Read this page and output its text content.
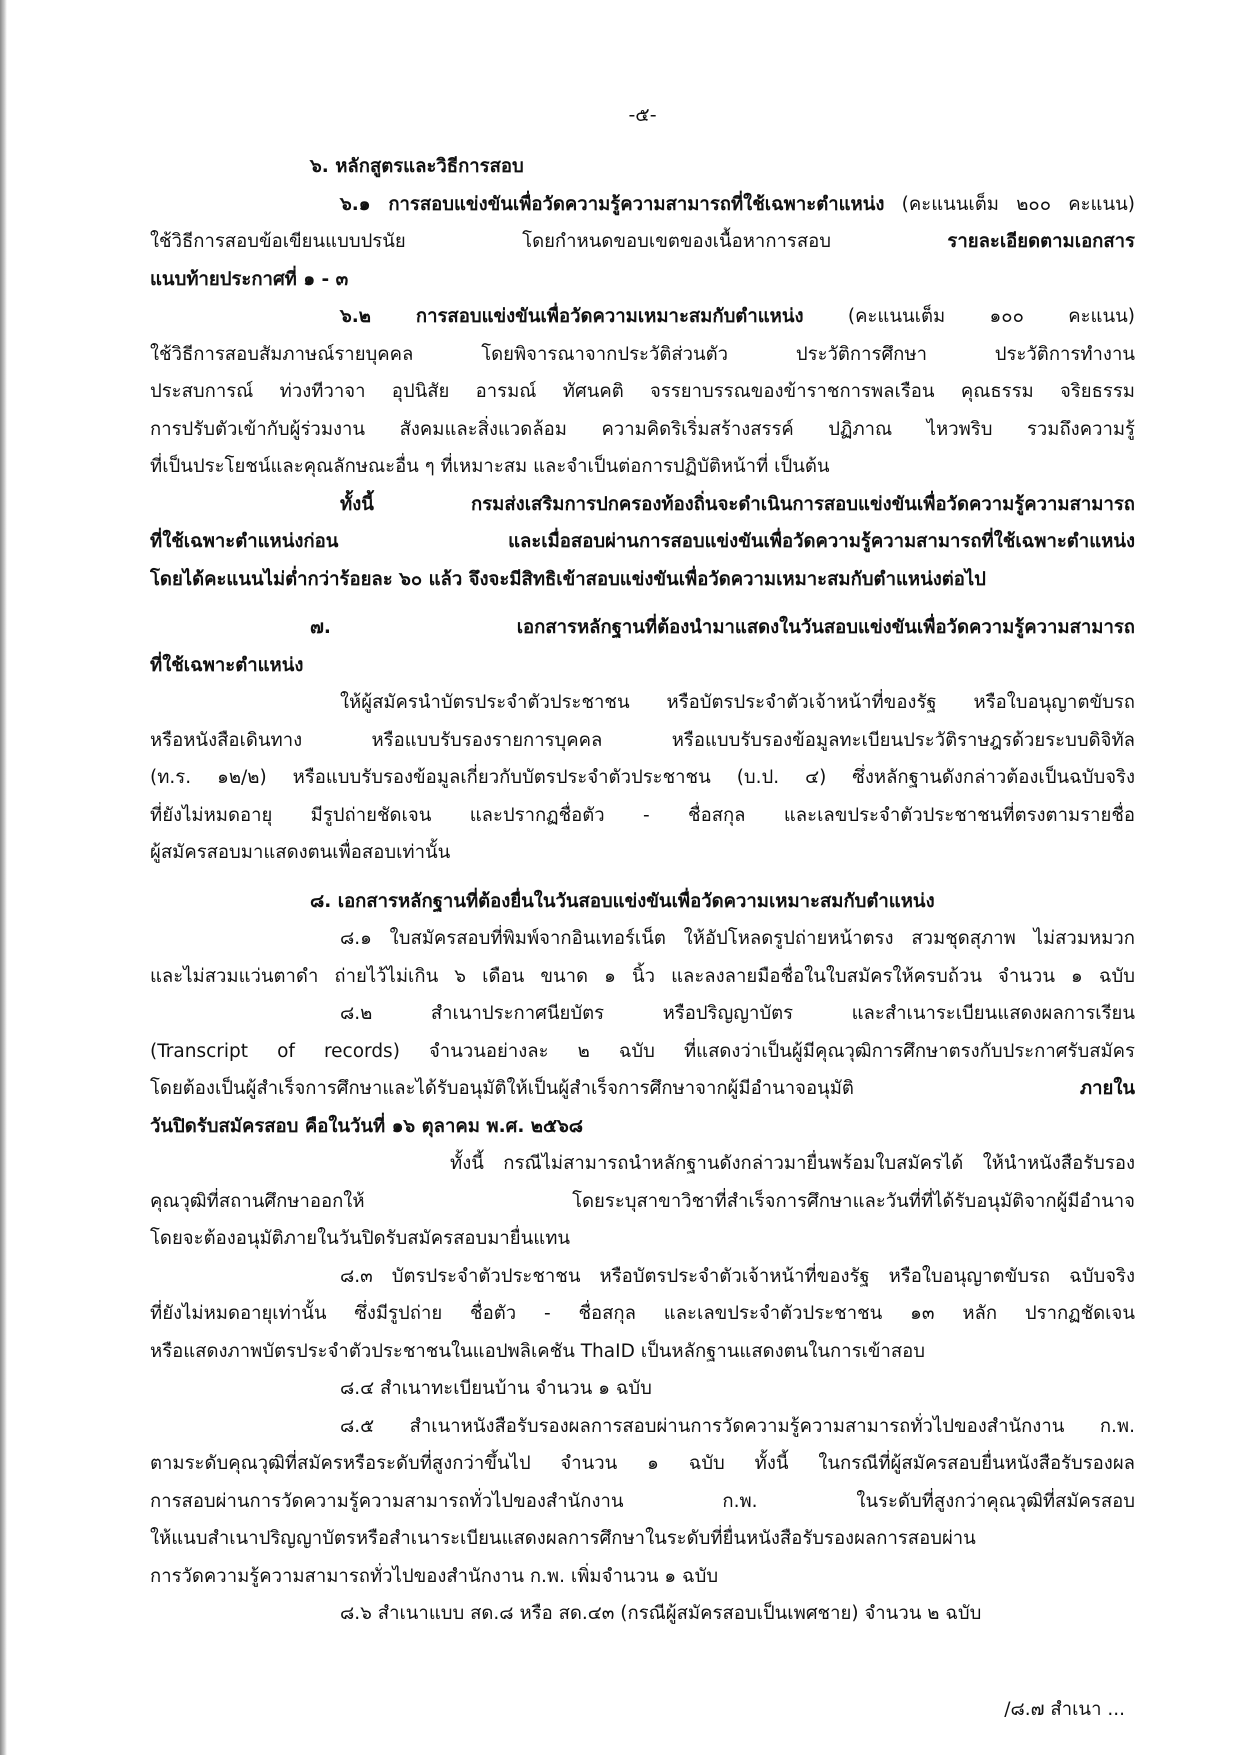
-๕-
๖. หลักสูตรและวิธีการสอบ
๖.๑ การสอบแข่งขันเพื่อวัดความรู้ความสามารถที่ใช้เฉพาะตำแหน่ง (คะแนนเต็ม ๒๐๐ คะแนน)
ใช้วิธีการสอบข้อเขียนแบบปรนัย โดยกำหนดขอบเขตของเนื้อหาการสอบ	รายละเอียดตามเอกสาร
แนบท้ายประกาศที่ ๑ - ๓
๖.๒ การสอบแข่งขันเพื่อวัดความเหมาะสมกับตำแหน่ง (คะแนนเต็ม ๑๐๐ คะแนน)
ใช้วิธีการสอบสัมภาษณ์รายบุคคล โดยพิจารณาจากประวัติส่วนตัว ประวัติการศึกษา ประวัติการทำงาน
ประสบการณ์ ท่วงทีวาจา อุปนิสัย อารมณ์ ทัศนคติ จรรยาบรรณของข้าราชการพลเรือน คุณธรรม จริยธรรม
การปรับตัวเข้ากับผู้ร่วมงาน สังคมและสิ่งแวดล้อม ความคิดริเริ่มสร้างสรรค์ ปฏิภาณ ไหวพริบ รวมถึงความรู้
ที่เป็นประโยชน์และคุณลักษณะอื่น ๆ ที่เหมาะสม และจำเป็นต่อการปฏิบัติหน้าที่ เป็นต้น
ทั้งนี้ กรมส่งเสริมการปกครองท้องถิ่นจะดำเนินการสอบแข่งขันเพื่อวัดความรู้ความสามารถ
ที่ใช้เฉพาะตำแหน่งก่อน และเมื่อสอบผ่านการสอบแข่งขันเพื่อวัดความรู้ความสามารถที่ใช้เฉพาะตำแหน่ง
โดยได้คะแนนไม่ต่ำกว่าร้อยละ ๖๐ แล้ว จึงจะมีสิทธิเข้าสอบแข่งขันเพื่อวัดความเหมาะสมกับตำแหน่งต่อไป
๗. เอกสารหลักฐานที่ต้องนำมาแสดงในวันสอบแข่งขันเพื่อวัดความรู้ความสามารถ
ที่ใช้เฉพาะตำแหน่ง
ให้ผู้สมัครนำบัตรประจำตัวประชาชน หรือบัตรประจำตัวเจ้าหน้าที่ของรัฐ หรือใบอนุญาตขับรถ
หรือหนังสือเดินทาง หรือแบบรับรองรายการบุคคล หรือแบบรับรองข้อมูลทะเบียนประวัติราษฎรด้วยระบบดิจิทัล
(ท.ร. ๑๒/๒) หรือแบบรับรองข้อมูลเกี่ยวกับบัตรประจำตัวประชาชน (บ.ป. ๔) ซึ่งหลักฐานดังกล่าวต้องเป็นฉบับจริง
ที่ยังไม่หมดอายุ มีรูปถ่ายชัดเจน และปรากฏชื่อตัว - ชื่อสกุล และเลขประจำตัวประชาชนที่ตรงตามรายชื่อ
ผู้สมัครสอบมาแสดงตนเพื่อสอบเท่านั้น
๘. เอกสารหลักฐานที่ต้องยื่นในวันสอบแข่งขันเพื่อวัดความเหมาะสมกับตำแหน่ง
๘.๑ ใบสมัครสอบที่พิมพ์จากอินเทอร์เน็ต ให้อัปโหลดรูปถ่ายหน้าตรง สวมชุดสุภาพ ไม่สวมหมวก
และไม่สวมแว่นตาดำ ถ่ายไว้ไม่เกิน ๖ เดือน ขนาด ๑ นิ้ว และลงลายมือชื่อในใบสมัครให้ครบถ้วน จำนวน ๑ ฉบับ
๘.๒ สำเนาประกาศนียบัตร หรือปริญญาบัตร และสำเนาระเบียนแสดงผลการเรียน
(Transcript of records) จำนวนอย่างละ ๒ ฉบับ ที่แสดงว่าเป็นผู้มีคุณวุฒิการศึกษาตรงกับประกาศรับสมัคร
โดยต้องเป็นผู้สำเร็จการศึกษาและได้รับอนุมัติให้เป็นผู้สำเร็จการศึกษาจากผู้มีอำนาจอนุมัติ	ภายใน
วันปิดรับสมัครสอบ คือในวันที่ ๑๖ ตุลาคม พ.ศ. ๒๕๖๘
ทั้งนี้ กรณีไม่สามารถนำหลักฐานดังกล่าวมายื่นพร้อมใบสมัครได้ ให้นำหนังสือรับรอง
คุณวุฒิที่สถานศึกษาออกให้ โดยระบุสาขาวิชาที่สำเร็จการศึกษาและวันที่ที่ได้รับอนุมัติจากผู้มีอำนาจ
โดยจะต้องอนุมัติภายในวันปิดรับสมัครสอบมายื่นแทน
๘.๓ บัตรประจำตัวประชาชน หรือบัตรประจำตัวเจ้าหน้าที่ของรัฐ หรือใบอนุญาตขับรถ ฉบับจริง
ที่ยังไม่หมดอายุเท่านั้น ซึ่งมีรูปถ่าย ชื่อตัว - ชื่อสกุล และเลขประจำตัวประชาชน ๑๓ หลัก ปรากฏชัดเจน
หรือแสดงภาพบัตรประจำตัวประชาชนในแอปพลิเคชัน ThaID เป็นหลักฐานแสดงตนในการเข้าสอบ
๘.๔ สำเนาทะเบียนบ้าน จำนวน ๑ ฉบับ
๘.๕ สำเนาหนังสือรับรองผลการสอบผ่านการวัดความรู้ความสามารถทั่วไปของสำนักงาน ก.พ.
ตามระดับคุณวุฒิที่สมัครหรือระดับที่สูงกว่าขึ้นไป จำนวน ๑ ฉบับ ทั้งนี้ ในกรณีที่ผู้สมัครสอบยื่นหนังสือรับรองผล
การสอบผ่านการวัดความรู้ความสามารถทั่วไปของสำนักงาน ก.พ. ในระดับที่สูงกว่าคุณวุฒิที่สมัครสอบ
ให้แนบสำเนาปริญญาบัตรหรือสำเนาระเบียนแสดงผลการศึกษาในระดับที่ยื่นหนังสือรับรองผลการสอบผ่าน
การวัดความรู้ความสามารถทั่วไปของสำนักงาน ก.พ. เพิ่มจำนวน ๑ ฉบับ
๘.๖ สำเนาแบบ สด.๘ หรือ สด.๔๓ (กรณีผู้สมัครสอบเป็นเพศชาย) จำนวน ๒ ฉบับ
/๘.๗ สำเนา ...
